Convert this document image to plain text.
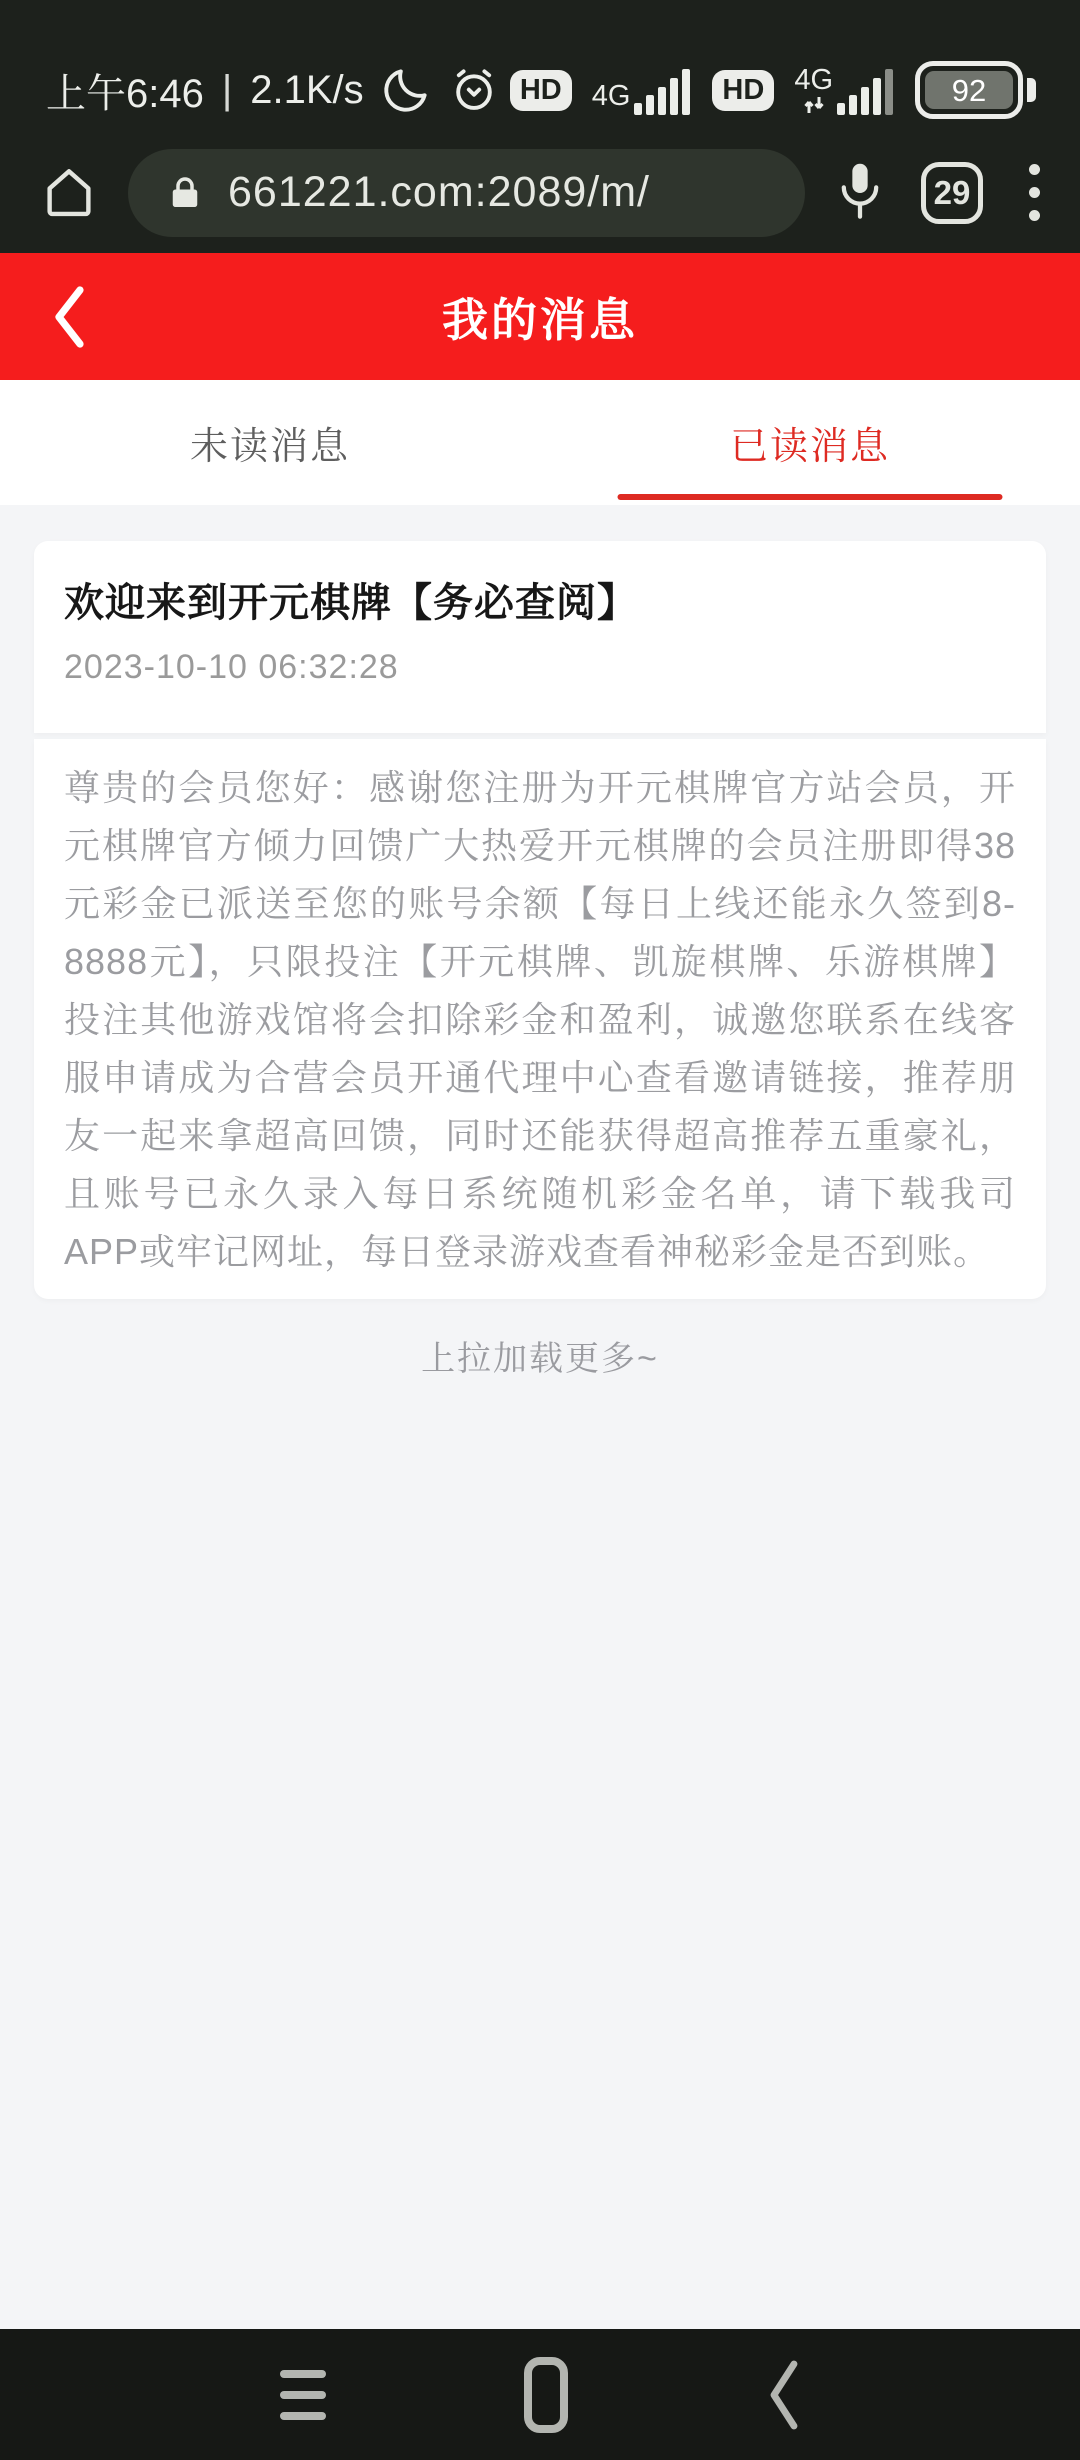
上午6:46 | 2.1K/s	HD	4G	HD	4G	92
661221.com:2089/m/	29
我的消息
未读消息	已读消息
欢迎来到开元棋牌【务必查阅】
2023-10-10 06:32:28
尊贵的会员您好：感谢您注册为开元棋牌官方站会员，开元棋牌官方倾力回馈广大热爱开元棋牌的会员注册即得38元彩金已派送至您的账号余额【每日上线还能永久签到8-8888元】，只限投注【开元棋牌、凯旋棋牌、乐游棋牌】投注其他游戏馆将会扣除彩金和盈利，诚邀您联系在线客服申请成为合营会员开通代理中心查看邀请链接，推荐朋友一起来拿超高回馈，同时还能获得超高推荐五重豪礼，且账号已永久录入每日系统随机彩金名单，请下载我司APP或牢记网址，每日登录游戏查看神秘彩金是否到账。
上拉加载更多~
